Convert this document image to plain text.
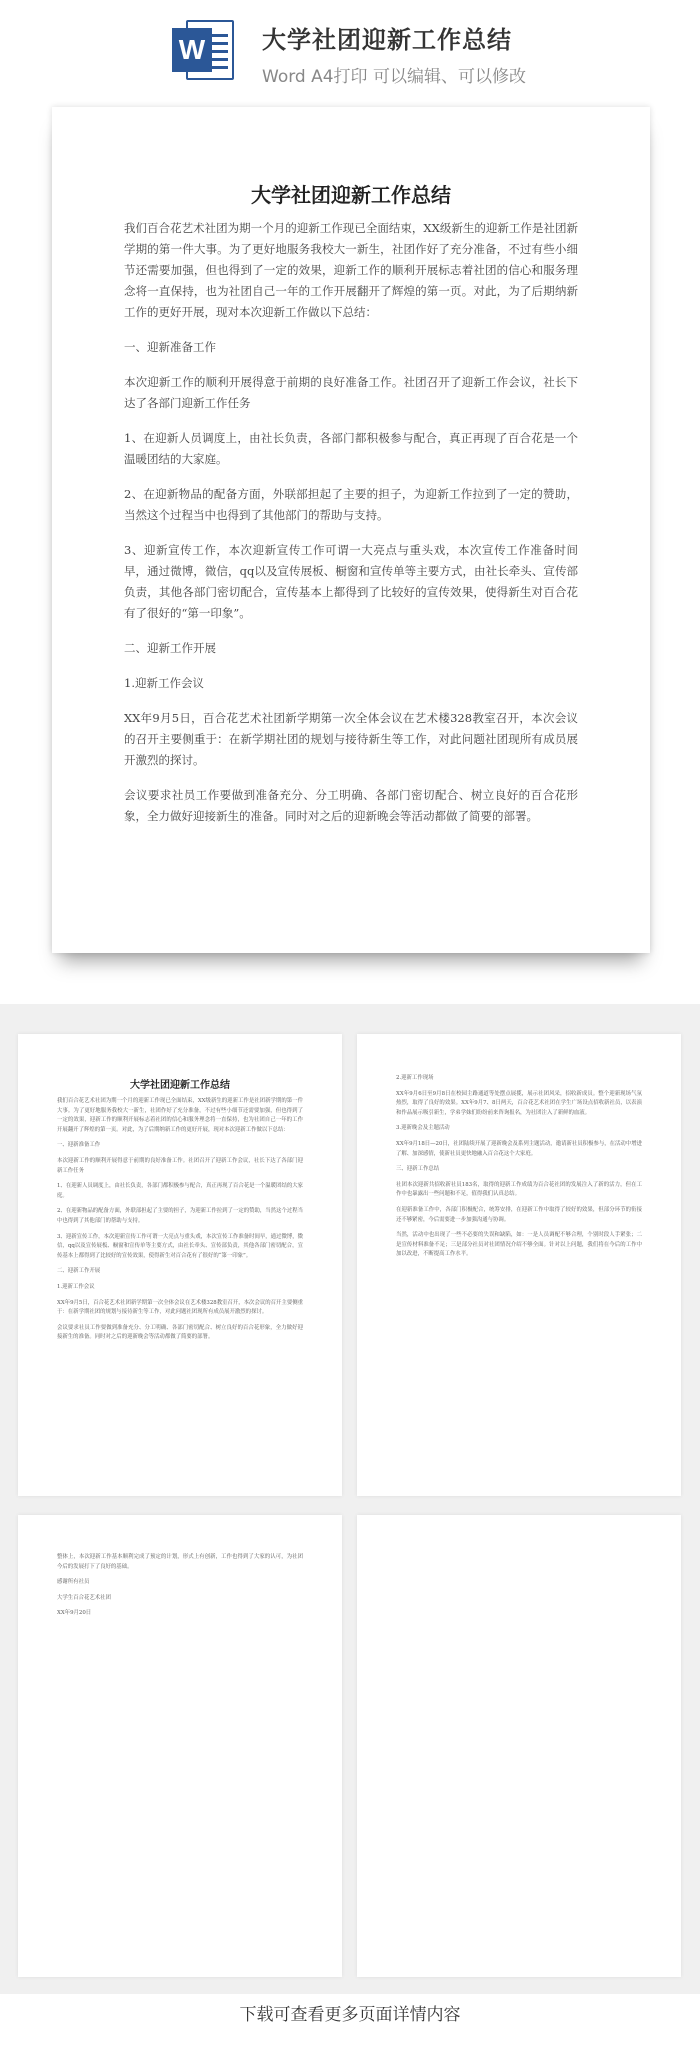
W 大学社团迎新工作总结
Word A4打印 可以编辑、可以修改
大学社团迎新工作总结

我们百合花艺术社团为期一个月的迎新工作现已全面结束，XX级新生的迎新工作是社团新学期的第一件大事。为了更好地服务我校大一新生，社团作好了充分准备，不过有些小细节还需要加强，但也得到了一定的效果，迎新工作的顺利开展标志着社团的信心和服务理念将一直保持，也为社团自己一年的工作开展翻开了辉煌的第一页。对此，为了后期纳新工作的更好开展，现对本次迎新工作做以下总结：

一、迎新准备工作

本次迎新工作的顺利开展得意于前期的良好准备工作。社团召开了迎新工作会议，社长下达了各部门迎新工作任务

1、在迎新人员调度上，由社长负责，各部门都积极参与配合，真正再现了百合花是一个温暖团结的大家庭。

2、在迎新物品的配备方面，外联部担起了主要的担子，为迎新工作拉到了一定的赞助，当然这个过程当中也得到了其他部门的帮助与支持。

3、迎新宣传工作，本次迎新宣传工作可谓一大亮点与重头戏，本次宣传工作准备时间早，通过微博，微信，qq以及宣传展板、橱窗和宣传单等主要方式，由社长牵头、宣传部负责，其他各部门密切配合，宣传基本上都得到了比较好的宣传效果，使得新生对百合花有了很好的“第一印象”。

二、迎新工作开展

1.迎新工作会议

XX年9月5日，百合花艺术社团新学期第一次全体会议在艺术楼328教室召开，本次会议的召开主要侧重于：在新学期社团的规划与接待新生等工作，对此问题社团现所有成员展开激烈的探讨。

会议要求社员工作要做到准备充分、分工明确、各部门密切配合、树立良好的百合花形象，全力做好迎接新生的准备。同时对之后的迎新晚会等活动都做了简要的部署。

大学社团迎新工作总结

我们百合花艺术社团为期一个月的迎新工作现已全面结束，XX级新生的迎新工作是社团新学期的第一件大事。为了更好地服务我校大一新生，社团作好了充分准备，不过有些小细节还需要加强，但也得到了一定的效果，迎新工作的顺利开展标志着社团的信心和服务理念将一直保持，也为社团自己一年的工作开展翻开了辉煌的第一页。对此，为了后期纳新工作的更好开展，现对本次迎新工作做以下总结：

一、迎新准备工作

本次迎新工作的顺利开展得意于前期的良好准备工作。社团召开了迎新工作会议，社长下达了各部门迎新工作任务

1、在迎新人员调度上，由社长负责，各部门都积极参与配合，真正再现了百合花是一个温暖团结的大家庭。

2、在迎新物品的配备方面，外联部担起了主要的担子，为迎新工作拉到了一定的赞助，当然这个过程当中也得到了其他部门的帮助与支持。

3、迎新宣传工作，本次迎新宣传工作可谓一大亮点与重头戏，本次宣传工作准备时间早，通过微博，微信，qq以及宣传展板、橱窗和宣传单等主要方式，由社长牵头、宣传部负责，其他各部门密切配合，宣传基本上都得到了比较好的宣传效果，使得新生对百合花有了很好的“第一印象”。

二、迎新工作开展

1.迎新工作会议

XX年9月5日，百合花艺术社团新学期第一次全体会议在艺术楼328教室召开，本次会议的召开主要侧重于：在新学期社团的规划与接待新生等工作，对此问题社团现所有成员展开激烈的探讨。

会议要求社员工作要做到准备充分、分工明确、各部门密切配合、树立良好的百合花形象，全力做好迎接新生的准备。同时对之后的迎新晚会等活动都做了简要的部署。

2.迎新工作现场

XX年9月6日至9月8日在校园主路通道等处摆点展揽，展示社团风采，招收新成员。整个迎新现场气氛热烈，取得了良好的效果。XX年9月7、8日两天，百合花艺术社团在学生广场设点招收新社员，以表演和作品展示吸引新生，学弟学妹们纷纷前来咨询报名，为社团注入了新鲜的血液。

3.迎新晚会及主题活动

XX年9月18日—20日，社团陆续开展了迎新晚会及系列主题活动，邀请新社员积极参与，在活动中增进了解、加深感情，使新社员更快地融入百合花这个大家庭。

三、迎新工作总结

社团本次迎新共招收新社员183名，取得的迎新工作成绩为百合花社团的发展注入了新的活力，但在工作中也暴露出一些问题和不足，值得我们认真总结。

在迎新准备工作中，各部门积极配合，统筹安排，在迎新工作中取得了较好的效果，但部分环节的衔接还不够紧密，今后需要进一步加强沟通与协调。

当然，活动中也出现了一些不必要的失误和缺陷，如：一是人员调配不够合理，个别时段人手紧张；二是宣传材料准备不足；三是部分社员对社团情况介绍不够全面。针对以上问题，我们将在今后的工作中加以改进，不断提高工作水平。

整体上，本次迎新工作基本顺利完成了预定的计划，形式上有创新，工作也得到了大家的认可，为社团今后的发展打下了良好的基础。

感谢所有社员

大学生百合花艺术社团

XX年9月20日

下载可查看更多页面详情内容
